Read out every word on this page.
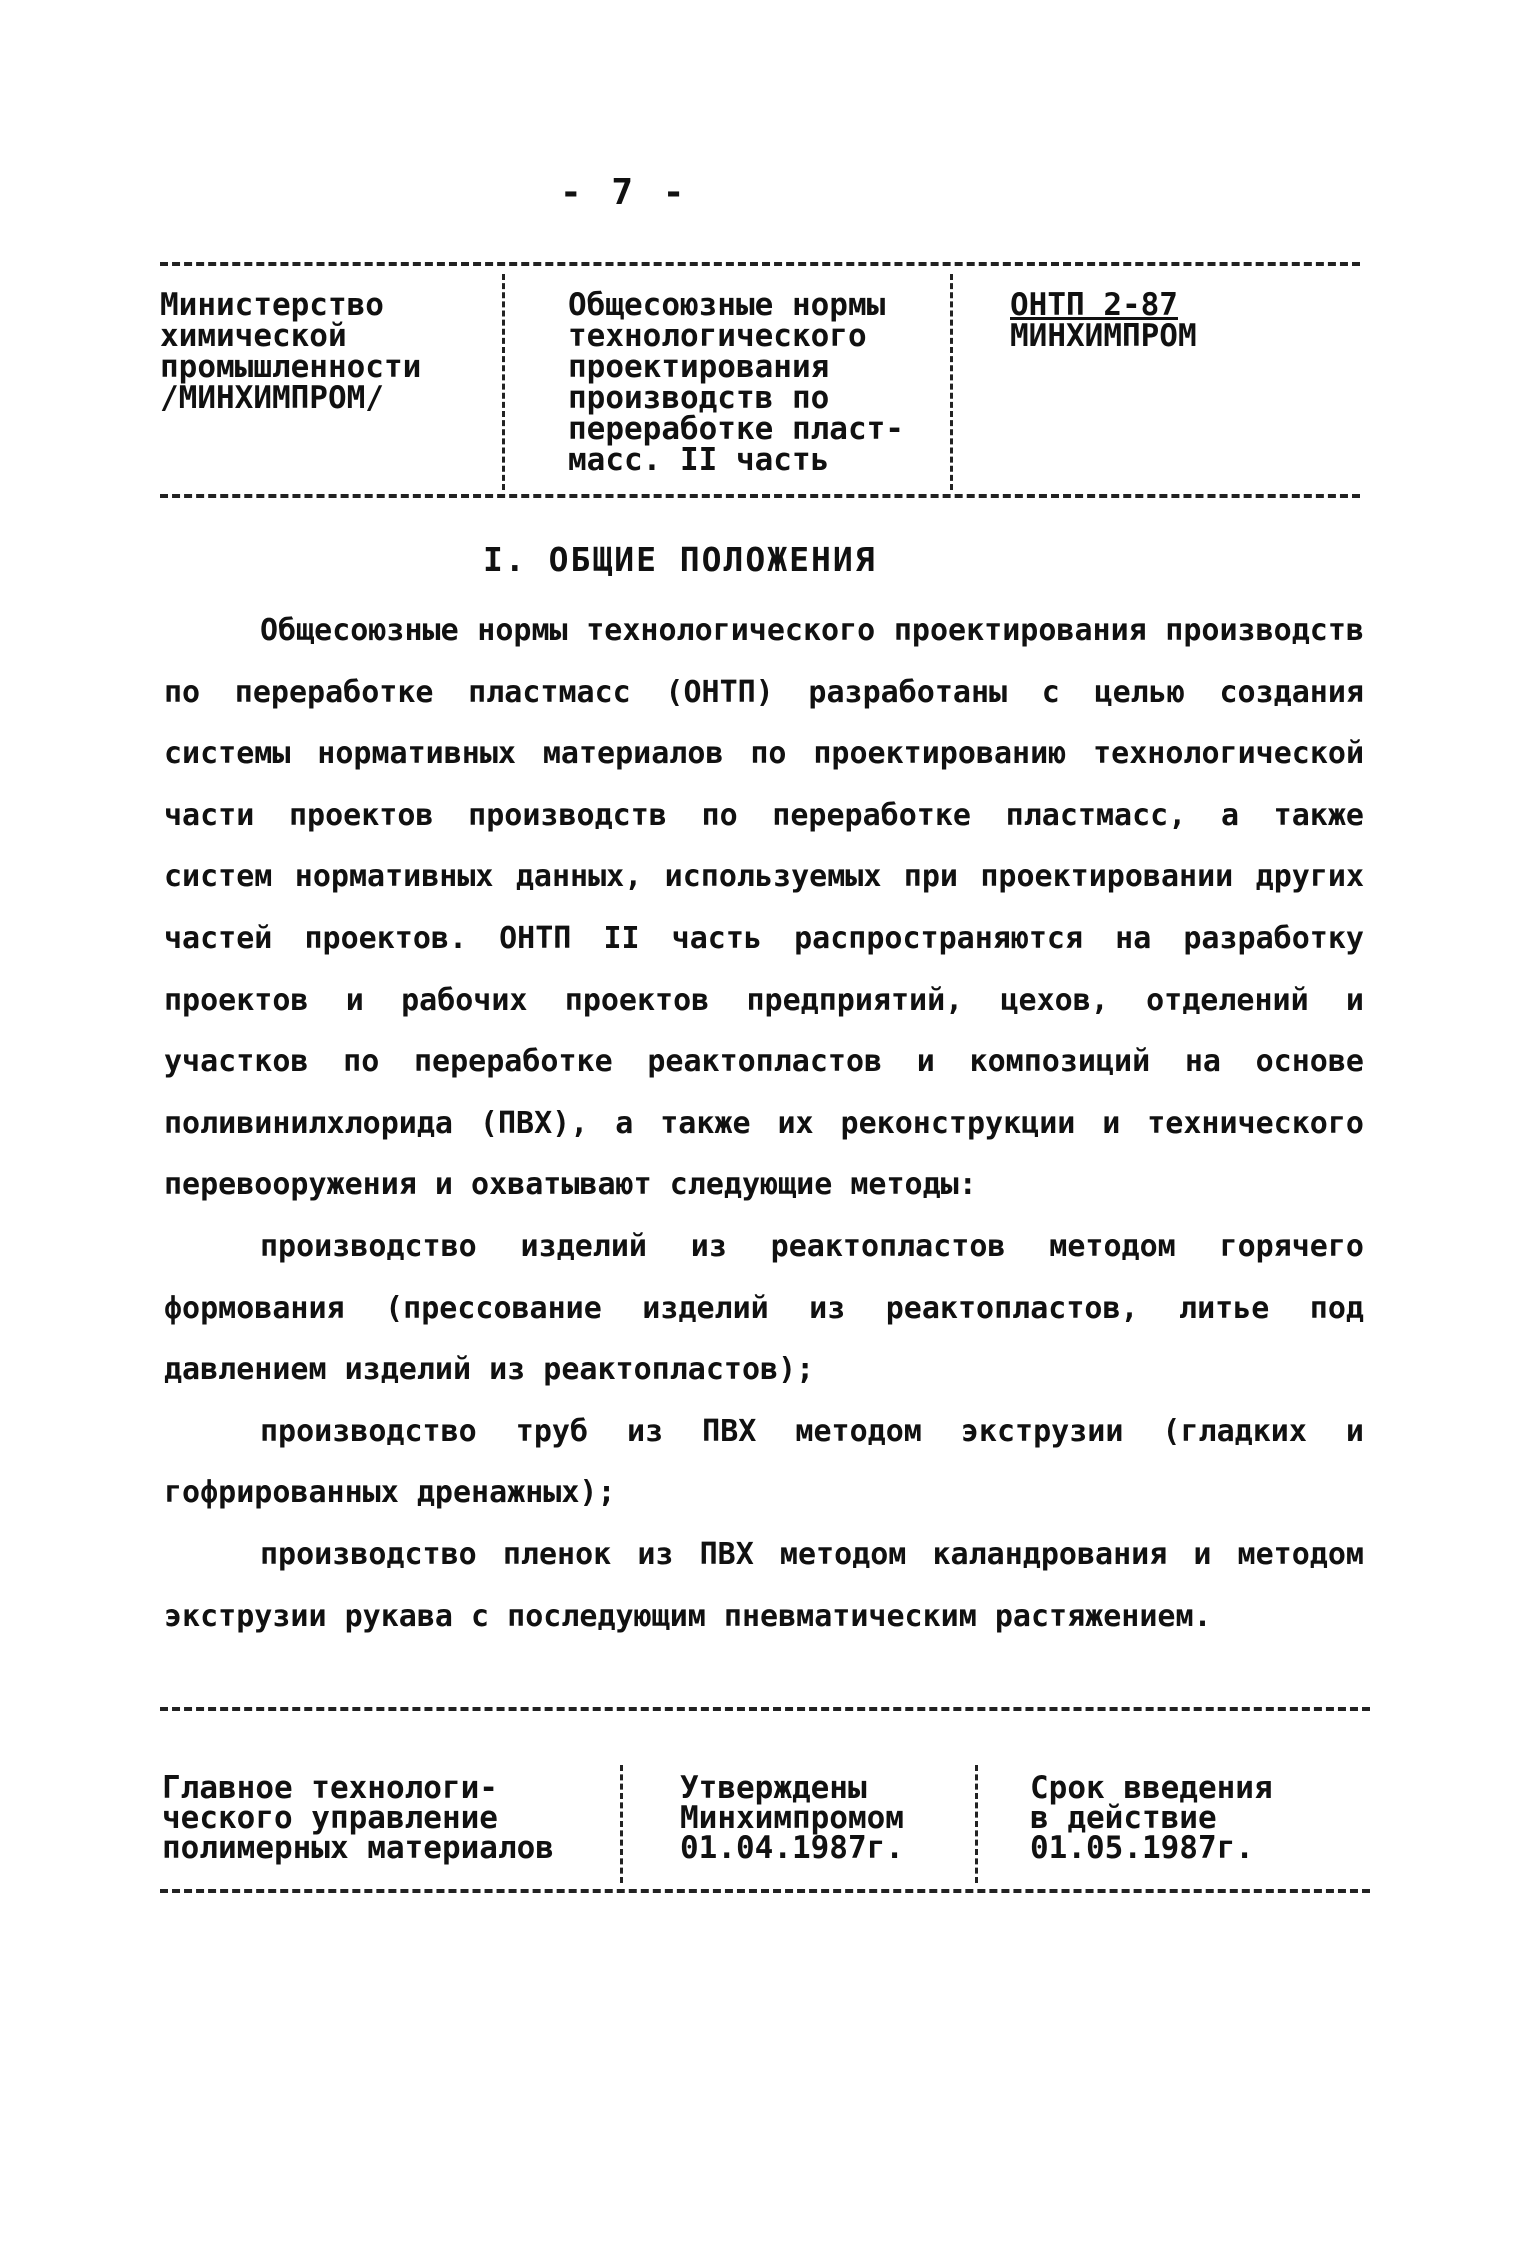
- 7 -
Министерство
химической
промышленности
/МИНХИМПРОМ/
Общесоюзные нормы
технологического
проектирования
производств по
переработке пласт-
масс. II часть
ОНТП 2-87
МИНХИМПРОМ
I. ОБЩИЕ ПОЛОЖЕНИЯ

Общесоюзные нормы технологического проектирования производств по переработке пластмасс (ОНТП) разработаны с целью создания системы нормативных материалов по проектированию технологической части проектов производств по переработке пластмасс, а также систем нормативных данных, используемых при проектировании других частей проектов. ОНТП II часть распространяются на разработку проектов и рабочих проектов предприятий, цехов, отделений и участков по переработке реактопластов и композиций на основе поливинилхлорида (ПВХ), а также их реконструкции и технического перевооружения и охватывают следующие методы:

производство изделий из реактопластов методом горячего формования (прессование изделий из реактопластов, литье под давлением изделий из реактопластов);

производство труб из ПВХ методом экструзии (гладких и гофрированных дренажных);

производство пленок из ПВХ методом каландрования и методом экструзии рукава с последующим пневматическим растяжением.

Главное технологи-
ческого управление
полимерных материалов
Утверждены
Минхимпромом
01.04.1987г.
Срок введения
в действие
01.05.1987г.
